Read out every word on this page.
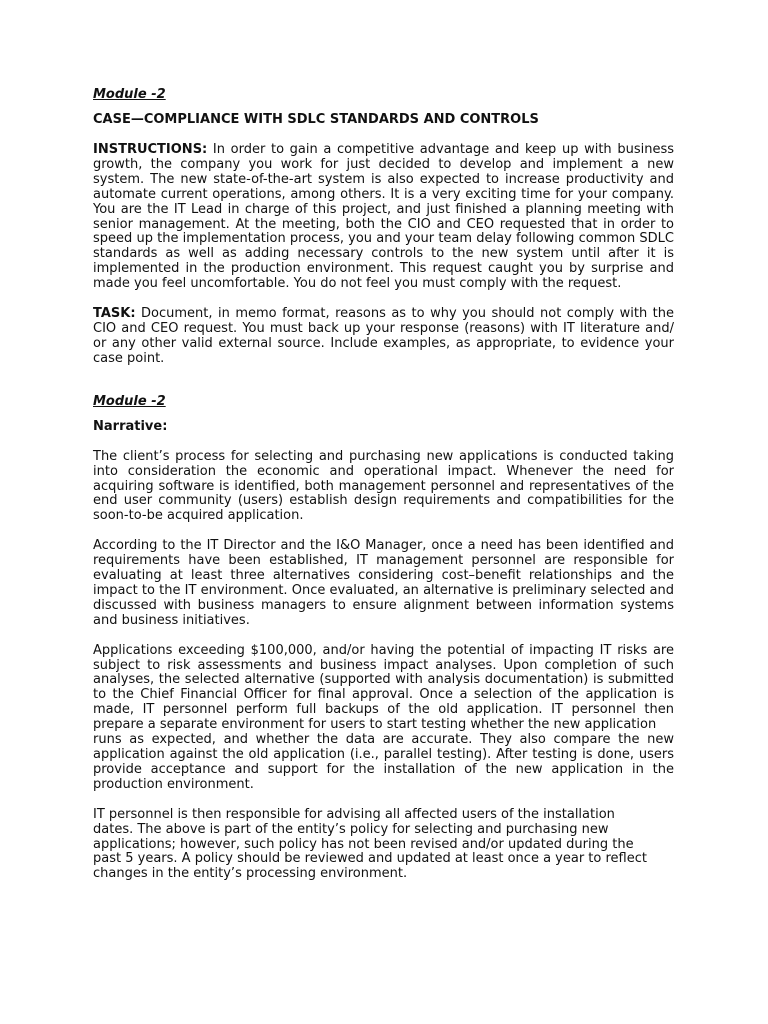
Module -2

CASE—COMPLIANCE WITH SDLC STANDARDS AND CONTROLS

INSTRUCTIONS: In order to gain a competitive advantage and keep up with business growth, the company you work for just decided to develop and implement a new system. The new state-of-the-art system is also expected to increase productivity and automate current operations, among others. It is a very exciting time for your company. You are the IT Lead in charge of this project, and just finished a planning meeting with senior management. At the meeting, both the CIO and CEO requested that in order to speed up the implementation process, you and your team delay following common SDLC standards as well as adding necessary controls to the new system until after it is implemented in the production environment. This request caught you by surprise and made you feel uncomfortable. You do not feel you must comply with the request.

TASK: Document, in memo format, reasons as to why you should not comply with the CIO and CEO request. You must back up your response (reasons) with IT literature and/ or any other valid external source. Include examples, as appropriate, to evidence your case point.

Module -2

Narrative:

The client’s process for selecting and purchasing new applications is conducted taking into consideration the economic and operational impact. Whenever the need for acquiring software is identified, both management personnel and representatives of the end user community (users) establish design requirements and compatibilities for the soon-to-be acquired application.

According to the IT Director and the I&O Manager, once a need has been identified and requirements have been established, IT management personnel are responsible for evaluating at least three alternatives considering cost–benefit relationships and the impact to the IT environment. Once evaluated, an alternative is preliminary selected and discussed with business managers to ensure alignment between information systems and business initiatives.

Applications exceeding $100,000, and/or having the potential of impacting IT risks are subject to risk assessments and business impact analyses. Upon completion of such analyses, the selected alternative (supported with analysis documentation) is submitted to the Chief Financial Officer for final approval. Once a selection of the application is made, IT personnel perform full backups of the old application. IT personnel then prepare a separate environment for users to start testing whether the new application

runs as expected, and whether the data are accurate. They also compare the new application against the old application (i.e., parallel testing). After testing is done, users provide acceptance and support for the installation of the new application in the production environment.

IT personnel is then responsible for advising all affected users of the installation
dates. The above is part of the entity’s policy for selecting and purchasing new
applications; however, such policy has not been revised and/or updated during the
past 5 years. A policy should be reviewed and updated at least once a year to reflect
changes in the entity’s processing environment.
